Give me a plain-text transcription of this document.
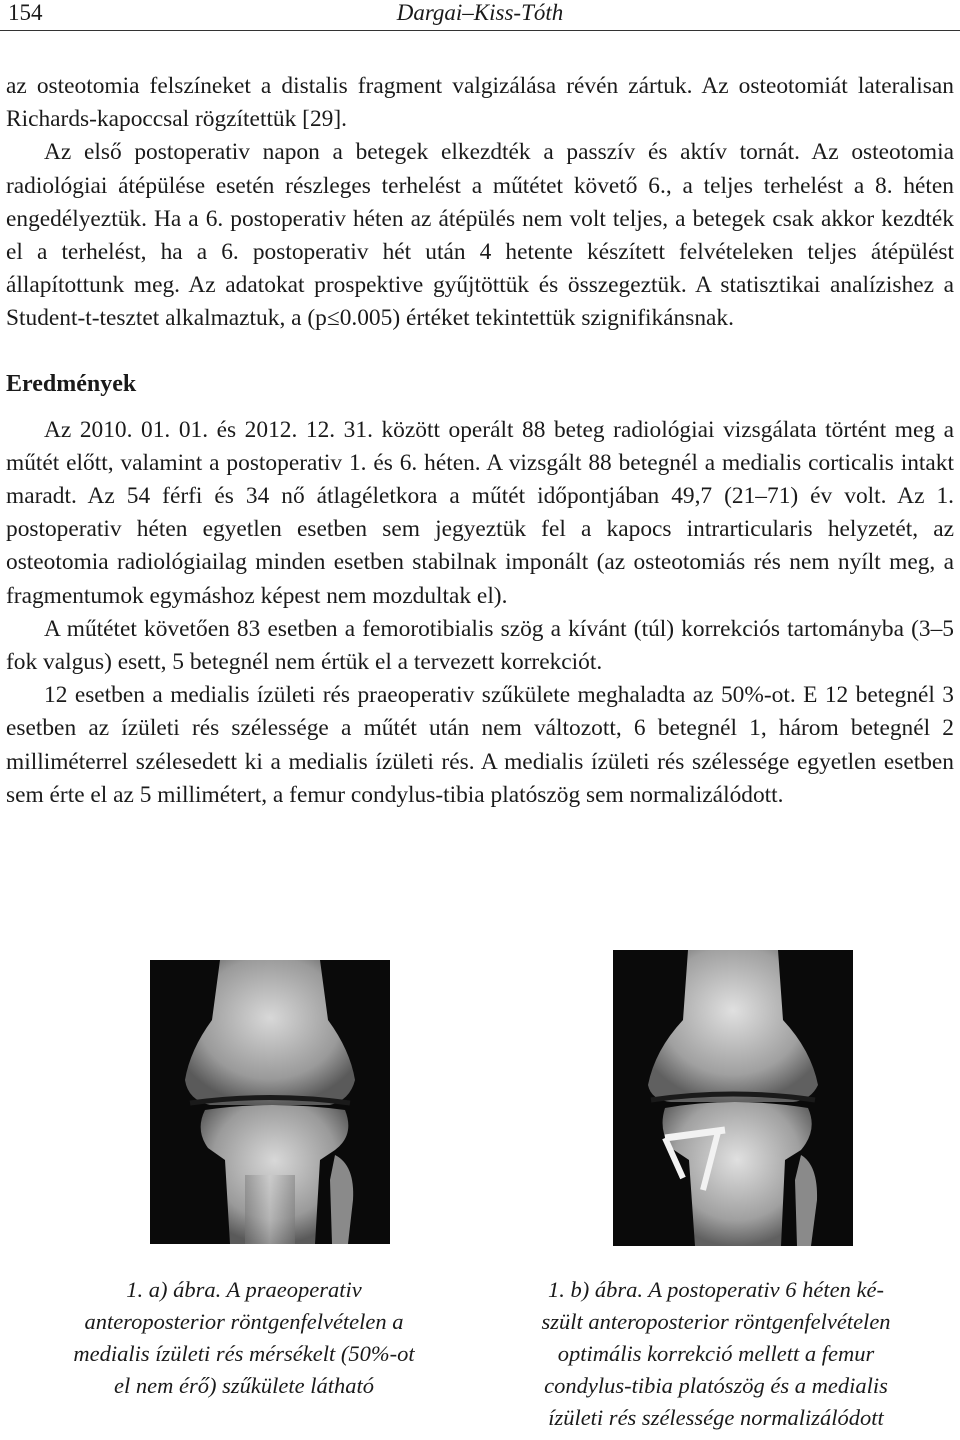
154	Dargai–Kiss-Tóth

az osteotomia felszíneket a distalis fragment valgizálása révén zártuk. Az osteotomiát lateralisan Richards-kapoccsal rögzítettük [29].

Az első postoperativ napon a betegek elkezdték a passzív és aktív tornát. Az osteotomia radiológiai átépülése esetén részleges terhelést a műtétet követő 6., a teljes terhelést a 8. héten engedélyeztük. Ha a 6. postoperativ héten az átépülés nem volt teljes, a betegek csak akkor kezdték el a terhelést, ha a 6. postoperativ hét után 4 hetente készített felvételeken teljes átépülést állapítottunk meg. Az adatokat prospektive gyűjtöttük és összegeztük. A statisztikai analízishez a Student-t-tesztet alkalmaztuk, a (p≤0.005) értéket tekintettük szignifikánsnak.

Eredmények

Az 2010. 01. 01. és 2012. 12. 31. között operált 88 beteg radiológiai vizsgálata történt meg a műtét előtt, valamint a postoperativ 1. és 6. héten. A vizsgált 88 betegnél a medialis corticalis intakt maradt. Az 54 férfi és 34 nő átlagéletkora a műtét időpontjában 49,7 (21–71) év volt. Az 1. postoperativ héten egyetlen esetben sem jegyeztük fel a kapocs intrarticularis helyzetét, az osteotomia radiológiailag minden esetben stabilnak imponált (az osteotomiás rés nem nyílt meg, a fragmentumok egymáshoz képest nem mozdultak el).

A műtétet követően 83 esetben a femorotibialis szög a kívánt (túl) korrekciós tartományba (3–5 fok valgus) esett, 5 betegnél nem értük el a tervezett korrekciót.

12 esetben a medialis ízületi rés praeoperativ szűkülete meghaladta az 50%-ot. E 12 betegnél 3 esetben az ízületi rés szélessége a műtét után nem változott, 6 betegnél 1, három betegnél 2 milliméterrel szélesedett ki a medialis ízületi rés. A medialis ízületi rés szélessége egyetlen esetben sem érte el az 5 millimétert, a femur condylus-tibia platószög sem normalizálódott.

1. a) ábra. A praeoperativ
anteroposterior röntgenfelvételen a
medialis ízületi rés mérsékelt (50%-ot
el nem érő) szűkülete látható
1. b) ábra. A postoperativ 6 héten ké-
szült anteroposterior röntgenfelvételen
optimális korrekció mellett a femur
condylus-tibia platószög és a medialis
ízületi rés szélessége normalizálódott
